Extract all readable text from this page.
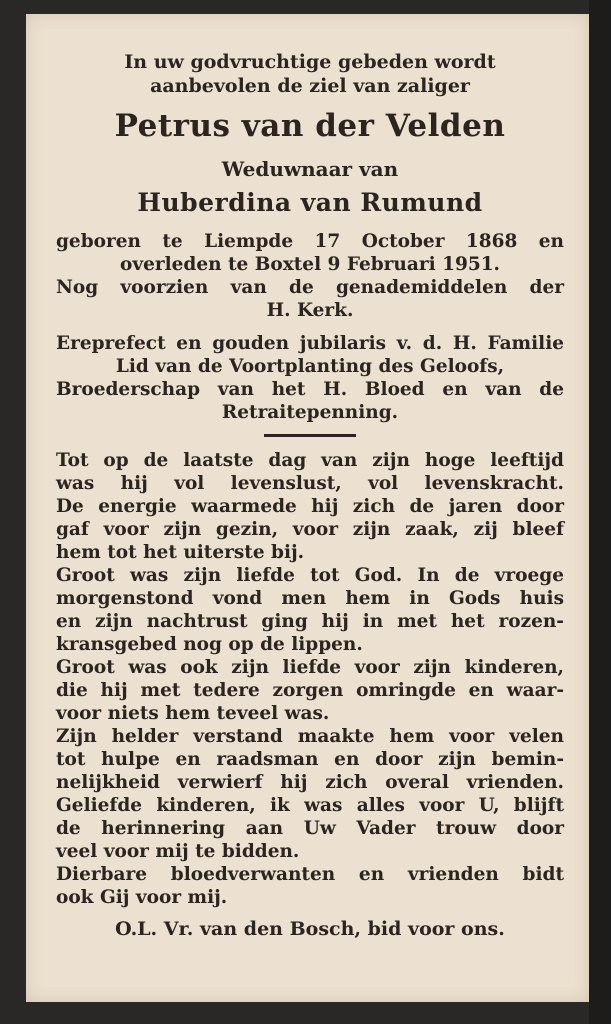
In uw godvruchtige gebeden wordt
aanbevolen de ziel van zaliger
Petrus van der Velden
Weduwnaar van
Huberdina van Rumund
geboren te Liempde 17 October 1868 en
overleden te Boxtel 9 Februari 1951.
Nog voorzien van de genademiddelen der
H. Kerk.
Ereprefect en gouden jubilaris v. d. H. Familie
Lid van de Voortplanting des Geloofs,
Broederschap van het H. Bloed en van de
Retraitepenning.
Tot op de laatste dag van zijn hoge leeftijd
was hij vol levenslust, vol levenskracht.
De energie waarmede hij zich de jaren door
gaf voor zijn gezin, voor zijn zaak, zij bleef
hem tot het uiterste bij.
Groot was zijn liefde tot God. In de vroege
morgenstond vond men hem in Gods huis
en zijn nachtrust ging hij in met het rozen-
kransgebed nog op de lippen.
Groot was ook zijn liefde voor zijn kinderen,
die hij met tedere zorgen omringde en waar-
voor niets hem teveel was.
Zijn helder verstand maakte hem voor velen
tot hulpe en raadsman en door zijn bemin-
nelijkheid verwierf hij zich overal vrienden.
Geliefde kinderen, ik was alles voor U, blijft
de herinnering aan Uw Vader trouw door
veel voor mij te bidden.
Dierbare bloedverwanten en vrienden bidt
ook Gij voor mij.
O.L. Vr. van den Bosch, bid voor ons.
